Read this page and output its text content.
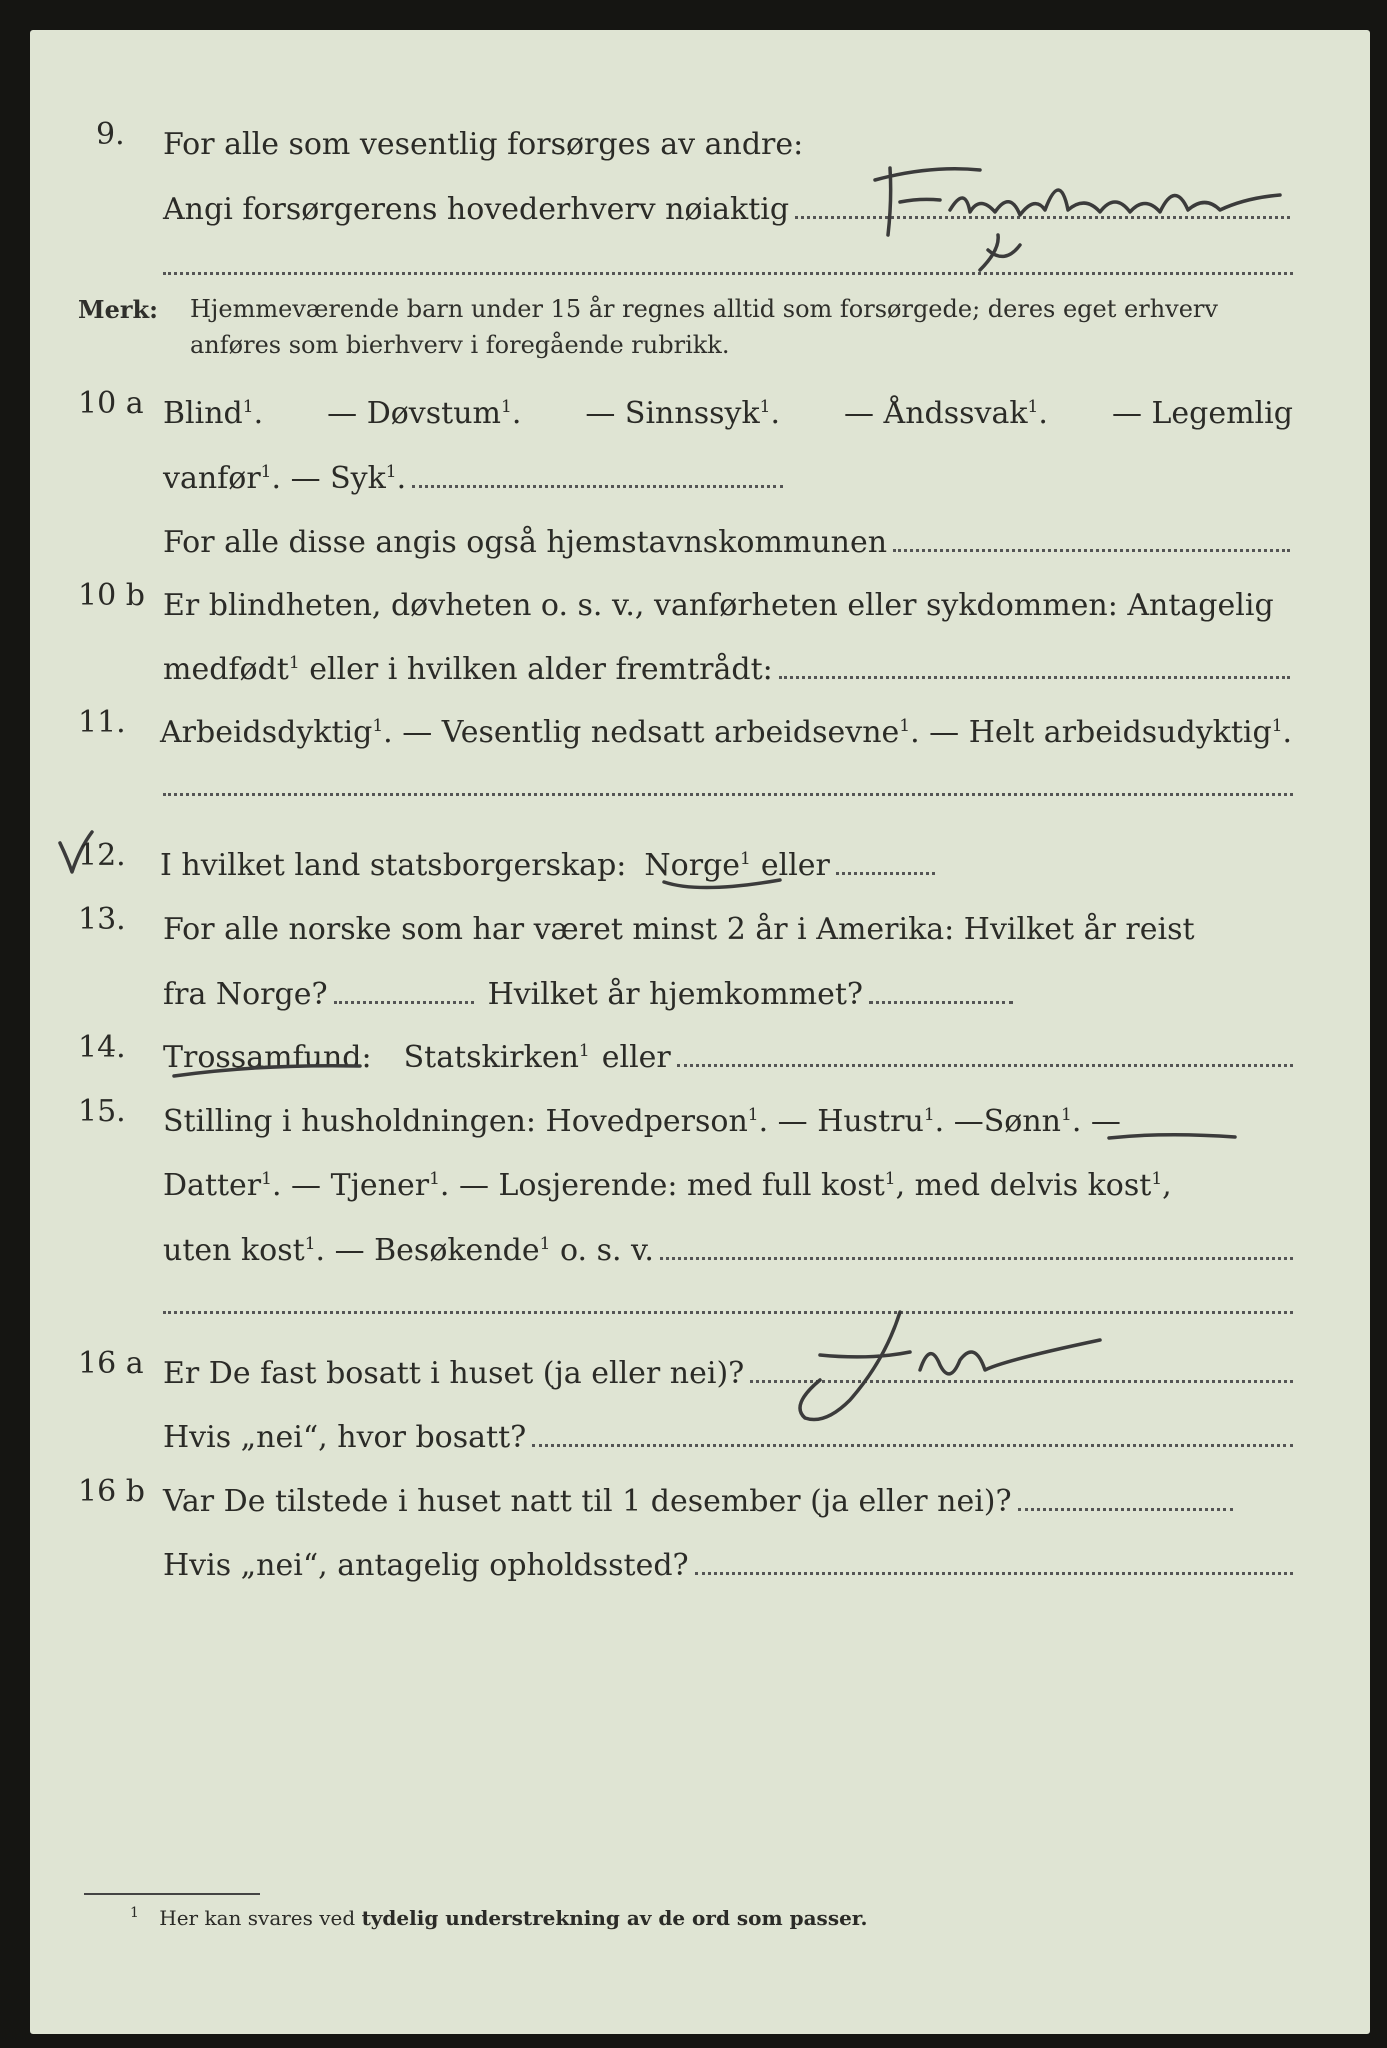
9. For alle som vesentlig forsørges av andre:
Angi forsørgerens hovederhverv nøiaktig
Merk: Hjemmeværende barn under 15 år regnes alltid som forsørgede; deres eget erhverv
anføres som bierhverv i foregående rubrikk.
10 a Blind$^1$. — Døvstum$^1$. — Sinnssyk$^1$. — Åndssvak$^1$. — Legemlig
vanfør$^1$. — Syk$^1$.
For alle disse angis også hjemstavnskommunen
10 b Er blindheten, døvheten o. s. v., vanførheten eller sykdommen: Antagelig
medfødt$^1$ eller i hvilken alder fremtrådt:
11. Arbeidsdyktig$^1$. — Vesentlig nedsatt arbeidsevne$^1$. — Helt arbeidsudyktig$^1$.
12. I hvilket land statsborgerskap: Norge$^1$ eller
13. For alle norske som har været minst 2 år i Amerika: Hvilket år reist
fra Norge?	Hvilket år hjemkommet?
14. Trossamfund: Statskirken$^1$ eller
15. Stilling i husholdningen: Hovedperson$^1$. — Hustru$^1$. — Sønn$^1$ . —
Datter$^1$. — Tjener$^1$. — Losjerende: med full kost$^1$, med delvis kost$^1$,
uten kost$^1$. — Besøkende$^1$ o. s. v.
16 a Er De fast bosatt i huset (ja eller nei)?
Hvis „nei“, hvor bosatt?
16 b Var De tilstede i huset natt til 1 desember (ja eller nei)?
Hvis „nei“, antagelig opholdssted?
$^1$ Her kan svares ved tydelig understrekning av de ord som passer.
